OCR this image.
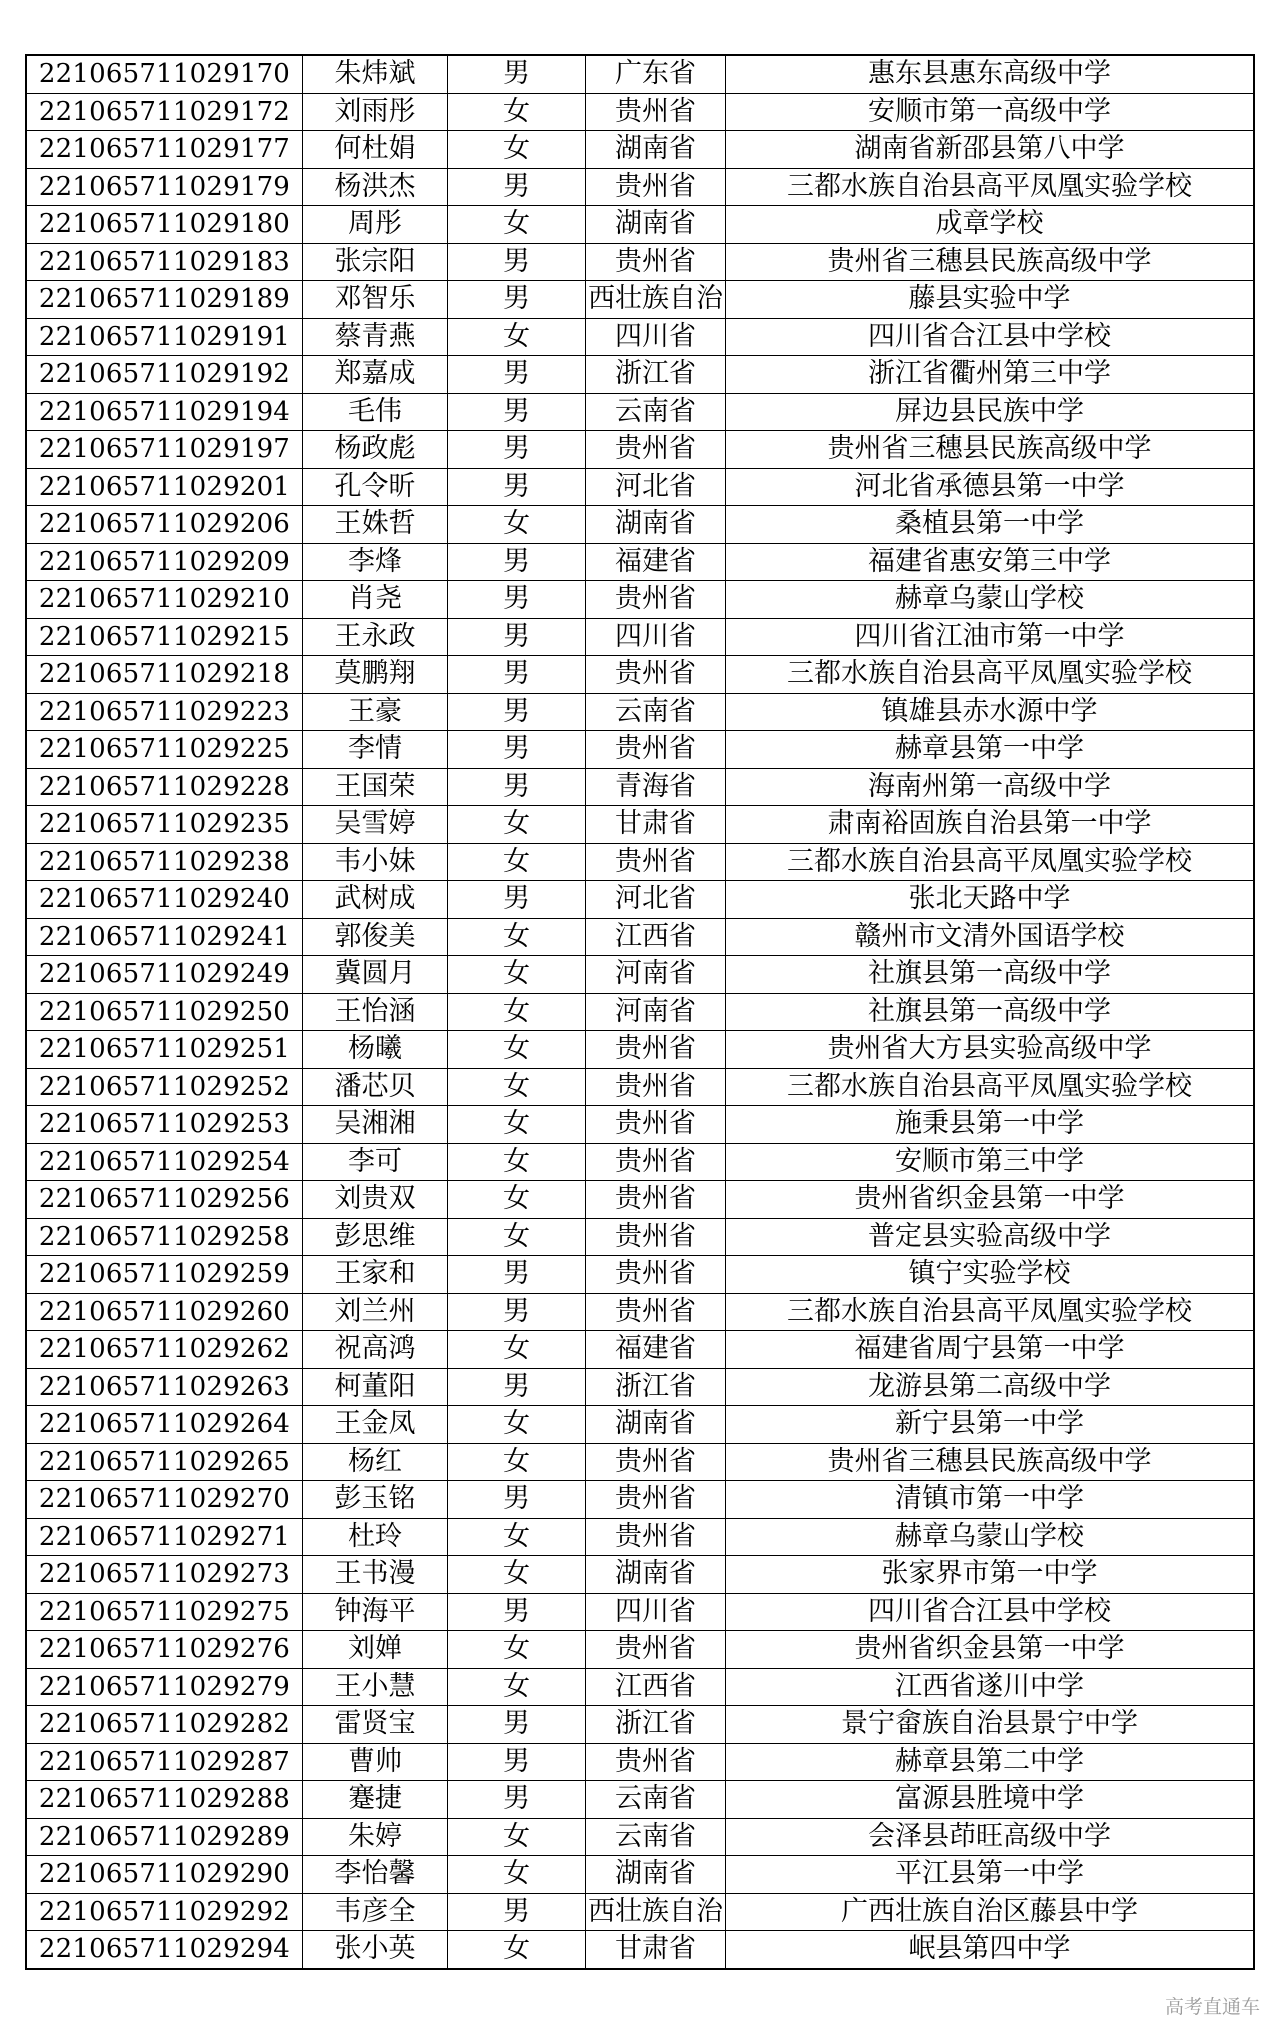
221065711029170	朱炜斌	男	广东省	惠东县惠东高级中学
221065711029172	刘雨彤	女	贵州省	安顺市第一高级中学
221065711029177	何杜娟	女	湖南省	湖南省新邵县第八中学
221065711029179	杨洪杰	男	贵州省	三都水族自治县高平凤凰实验学校
221065711029180	周彤	女	湖南省	成章学校
221065711029183	张宗阳	男	贵州省	贵州省三穗县民族高级中学
221065711029189	邓智乐	男	西壮族自治	藤县实验中学
221065711029191	蔡青燕	女	四川省	四川省合江县中学校
221065711029192	郑嘉成	男	浙江省	浙江省衢州第三中学
221065711029194	毛伟	男	云南省	屏边县民族中学
221065711029197	杨政彪	男	贵州省	贵州省三穗县民族高级中学
221065711029201	孔令昕	男	河北省	河北省承德县第一中学
221065711029206	王姝哲	女	湖南省	桑植县第一中学
221065711029209	李烽	男	福建省	福建省惠安第三中学
221065711029210	肖尧	男	贵州省	赫章乌蒙山学校
221065711029215	王永政	男	四川省	四川省江油市第一中学
221065711029218	莫鹏翔	男	贵州省	三都水族自治县高平凤凰实验学校
221065711029223	王豪	男	云南省	镇雄县赤水源中学
221065711029225	李情	男	贵州省	赫章县第一中学
221065711029228	王国荣	男	青海省	海南州第一高级中学
221065711029235	吴雪婷	女	甘肃省	肃南裕固族自治县第一中学
221065711029238	韦小妹	女	贵州省	三都水族自治县高平凤凰实验学校
221065711029240	武树成	男	河北省	张北天路中学
221065711029241	郭俊美	女	江西省	赣州市文清外国语学校
221065711029249	冀圆月	女	河南省	社旗县第一高级中学
221065711029250	王怡涵	女	河南省	社旗县第一高级中学
221065711029251	杨曦	女	贵州省	贵州省大方县实验高级中学
221065711029252	潘芯贝	女	贵州省	三都水族自治县高平凤凰实验学校
221065711029253	吴湘湘	女	贵州省	施秉县第一中学
221065711029254	李可	女	贵州省	安顺市第三中学
221065711029256	刘贵双	女	贵州省	贵州省织金县第一中学
221065711029258	彭思维	女	贵州省	普定县实验高级中学
221065711029259	王家和	男	贵州省	镇宁实验学校
221065711029260	刘兰州	男	贵州省	三都水族自治县高平凤凰实验学校
221065711029262	祝高鸿	女	福建省	福建省周宁县第一中学
221065711029263	柯董阳	男	浙江省	龙游县第二高级中学
221065711029264	王金凤	女	湖南省	新宁县第一中学
221065711029265	杨红	女	贵州省	贵州省三穗县民族高级中学
221065711029270	彭玉铭	男	贵州省	清镇市第一中学
221065711029271	杜玲	女	贵州省	赫章乌蒙山学校
221065711029273	王书漫	女	湖南省	张家界市第一中学
221065711029275	钟海平	男	四川省	四川省合江县中学校
221065711029276	刘婵	女	贵州省	贵州省织金县第一中学
221065711029279	王小慧	女	江西省	江西省遂川中学
221065711029282	雷贤宝	男	浙江省	景宁畲族自治县景宁中学
221065711029287	曹帅	男	贵州省	赫章县第二中学
221065711029288	蹇捷	男	云南省	富源县胜境中学
221065711029289	朱婷	女	云南省	会泽县茚旺高级中学
221065711029290	李怡馨	女	湖南省	平江县第一中学
221065711029292	韦彦全	男	西壮族自治	广西壮族自治区藤县中学
221065711029294	张小英	女	甘肃省	岷县第四中学
高考直通车
